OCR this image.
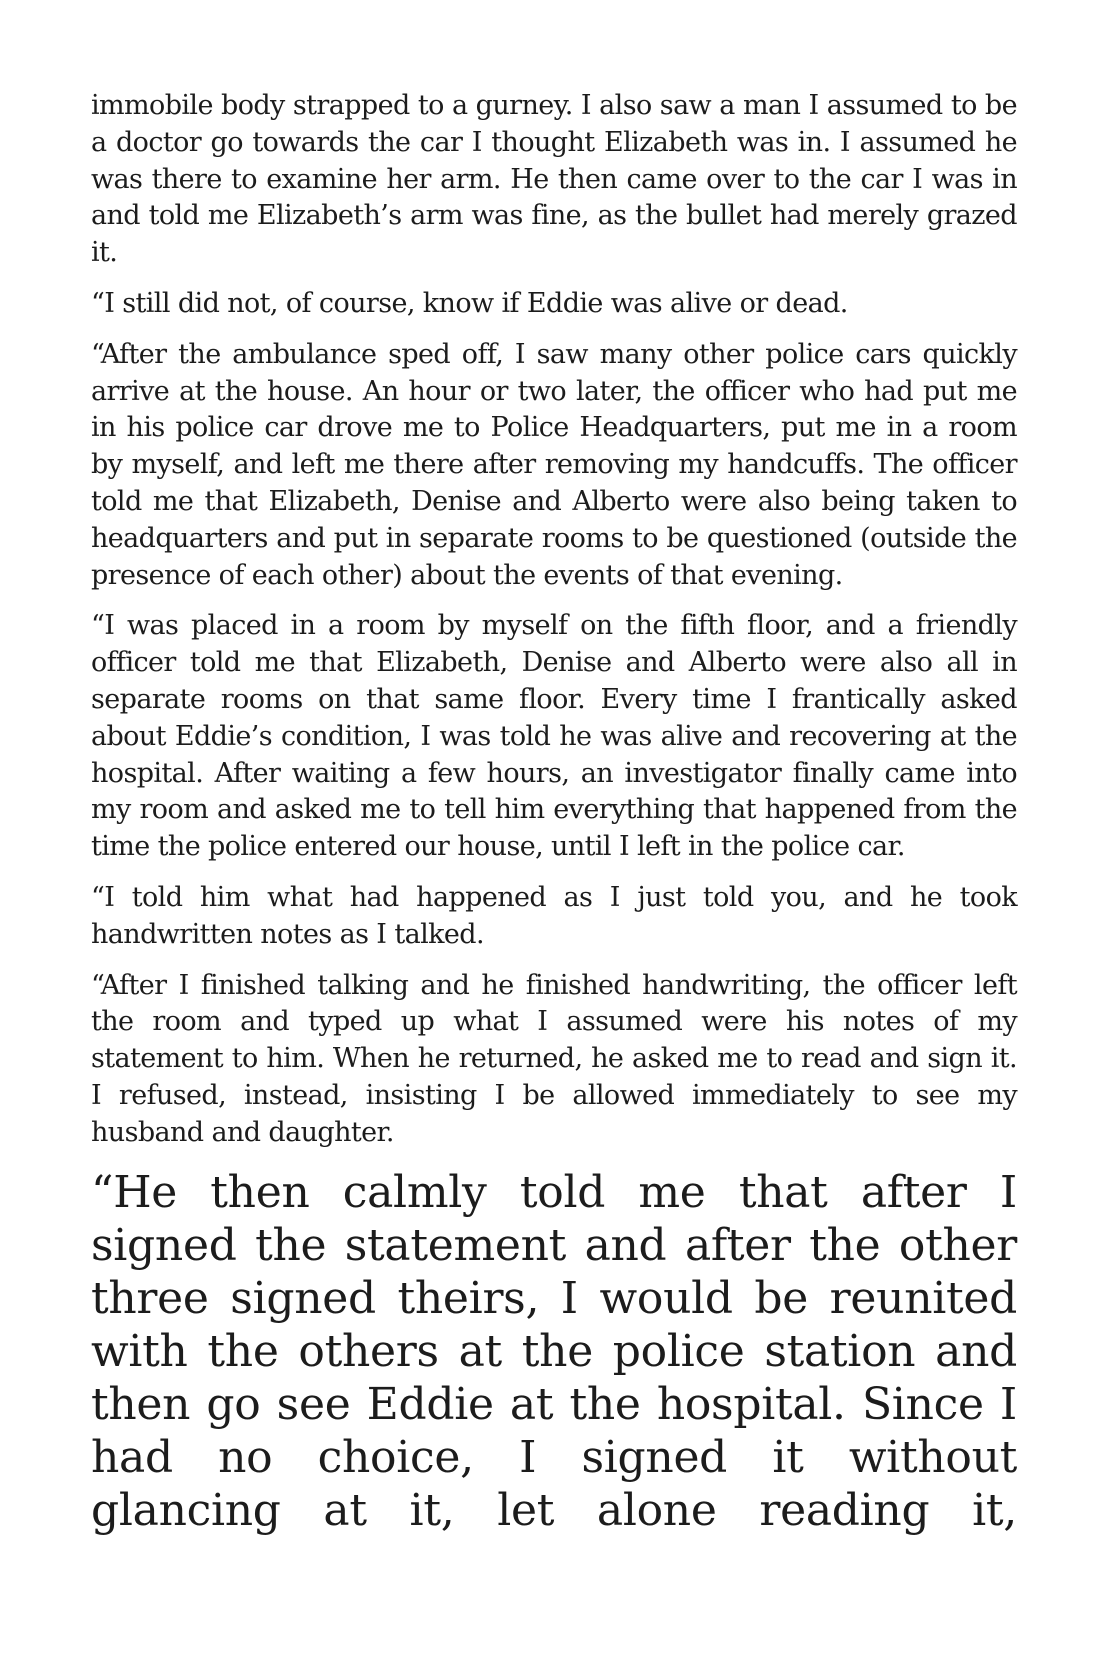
immobile body strapped to a gurney. I also saw a man I assumed to be a doctor go towards the car I thought Elizabeth was in. I assumed he was there to examine her arm. He then came over to the car I was in and told me Elizabeth’s arm was fine, as the bullet had merely grazed it.

“I still did not, of course, know if Eddie was alive or dead.

“After the ambulance sped off, I saw many other police cars quickly arrive at the house. An hour or two later, the officer who had put me in his police car drove me to Police Headquarters, put me in a room by myself, and left me there after removing my handcuffs. The officer told me that Elizabeth, Denise and Alberto were also being taken to headquarters and put in separate rooms to be questioned (outside the presence of each other) about the events of that evening.

“I was placed in a room by myself on the fifth floor, and a friendly officer told me that Elizabeth, Denise and Alberto were also all in separate rooms on that same floor. Every time I frantically asked about Eddie’s condition, I was told he was alive and recovering at the hospital. After waiting a few hours, an investigator finally came into my room and asked me to tell him everything that happened from the time the police entered our house, until I left in the police car.

“I told him what had happened as I just told you, and he took handwritten notes as I talked.

“After I finished talking and he finished handwriting, the officer left the room and typed up what I assumed were his notes of my statement to him. When he returned, he asked me to read and sign it. I refused, instead, insisting I be allowed immediately to see my husband and daughter.

“He then calmly told me that after I signed the statement and after the other three signed theirs, I would be reunited with the others at the police station and then go see Eddie at the hospital. Since I had no choice, I signed it without glancing at it, let alone reading it,
